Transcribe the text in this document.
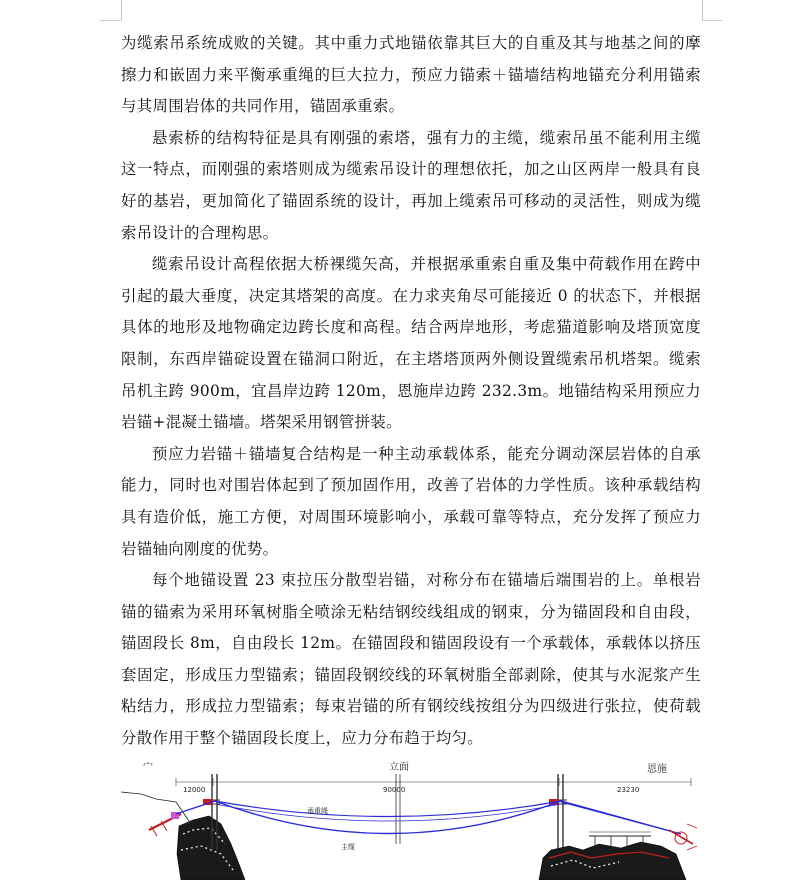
为缆索吊系统成败的关键。其中重力式地锚依靠其巨大的自重及其与地基之间的摩擦力和嵌固力来平衡承重绳的巨大拉力，预应力锚索＋锚墙结构地锚充分利用锚索与其周围岩体的共同作用，锚固承重索。

悬索桥的结构特征是具有刚强的索塔，强有力的主缆，缆索吊虽不能利用主缆这一特点，而刚强的索塔则成为缆索吊设计的理想依托，加之山区两岸一般具有良好的基岩，更加简化了锚固系统的设计，再加上缆索吊可移动的灵活性，则成为缆索吊设计的合理构思。

缆索吊设计高程依据大桥裸缆矢高，并根据承重索自重及集中荷载作用在跨中引起的最大垂度，决定其塔架的高度。在力求夹角尽可能接近 0 的状态下，并根据具体的地形及地物确定边跨长度和高程。结合两岸地形，考虑猫道影响及塔顶宽度限制，东西岸锚碇设置在锚洞口附近，在主塔塔顶两外侧设置缆索吊机塔架。缆索吊机主跨 900m，宜昌岸边跨 120m，恩施岸边跨 232.3m。地锚结构采用预应力岩锚+混凝土锚墙。塔架采用钢管拼装。

预应力岩锚＋锚墙复合结构是一种主动承载体系，能充分调动深层岩体的自承能力，同时也对围岩体起到了预加固作用，改善了岩体的力学性质。该种承载结构具有造价低，施工方便，对周围环境影响小，承载可靠等特点，充分发挥了预应力岩锚轴向刚度的优势。

每个地锚设置 23 束拉压分散型岩锚，对称分布在锚墙后端围岩的上。单根岩锚的锚索为采用环氧树脂全喷涂无粘结钢绞线组成的钢束，分为锚固段和自由段，锚固段长 8m，自由段长 12m。在锚固段和锚固段设有一个承载体，承载体以挤压套固定，形成压力型锚索；锚固段钢绞线的环氧树脂全部剥除，使其与水泥浆产生粘结力，形成拉力型锚索；每束岩锚的所有钢绞线按组分为四级进行张拉，使荷载分散作用于整个锚固段长度上，应力分布趋于均匀。

宀	立面	恩施
12000	90000	23230
承重绳
主缆
